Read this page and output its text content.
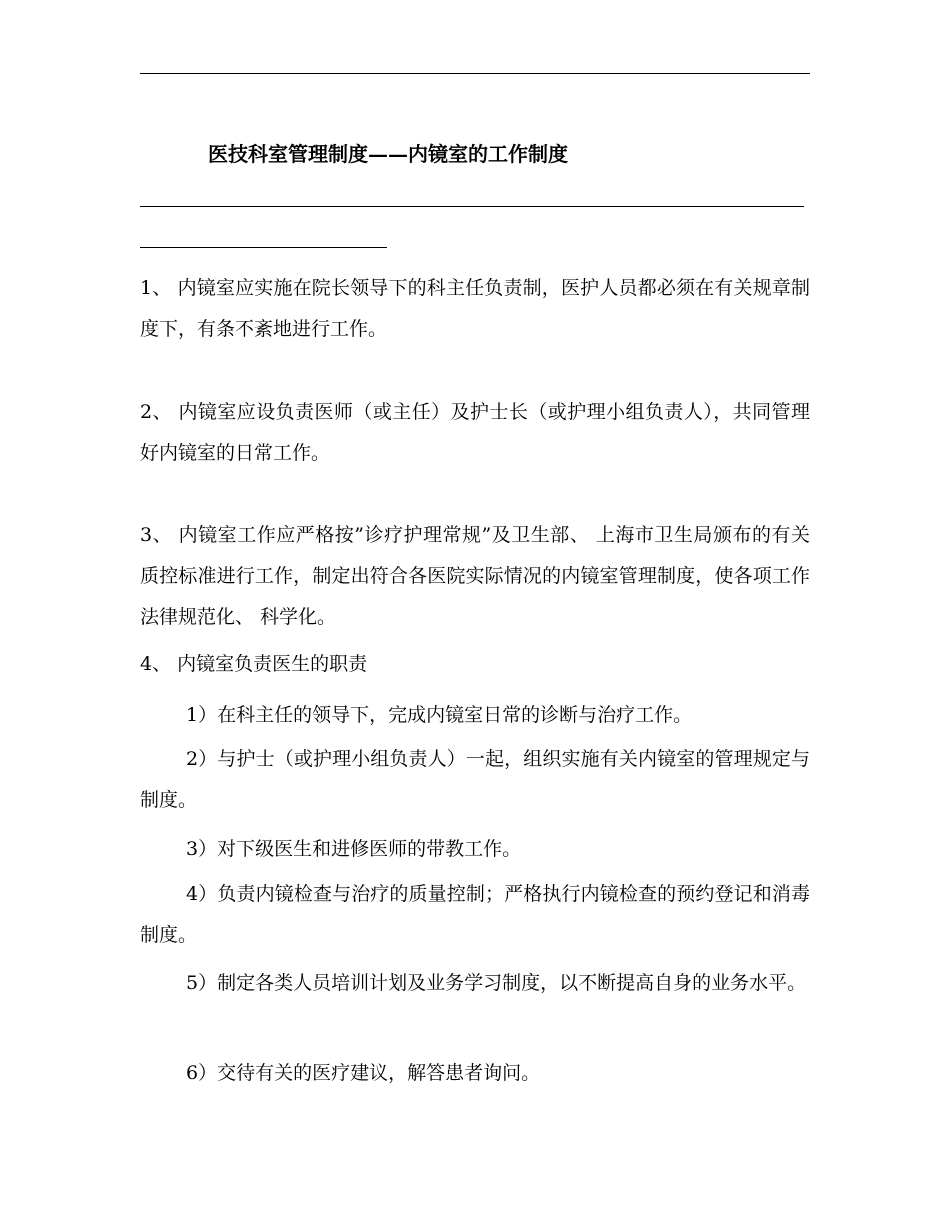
医技科室管理制度——内镜室的工作制度
1、 内镜室应实施在院长领导下的科主任负责制，医护人员都必须在有关规章制度下，有条不紊地进行工作。
2、 内镜室应设负责医师（或主任）及护士长（或护理小组负责人），共同管理好内镜室的日常工作。
3、 内镜室工作应严格按”诊疗护理常规”及卫生部、 上海市卫生局颁布的有关质控标准进行工作，制定出符合各医院实际情况的内镜室管理制度，使各项工作法律规范化、 科学化。
4、 内镜室负责医生的职责
1）在科主任的领导下，完成内镜室日常的诊断与治疗工作。
2）与护士（或护理小组负责人）一起，组织实施有关内镜室的管理规定与制度。
3）对下级医生和进修医师的带教工作。
4）负责内镜检查与治疗的质量控制；严格执行内镜检查的预约登记和消毒制度。
5）制定各类人员培训计划及业务学习制度，以不断提高自身的业务水平。
6）交待有关的医疗建议，解答患者询问。
